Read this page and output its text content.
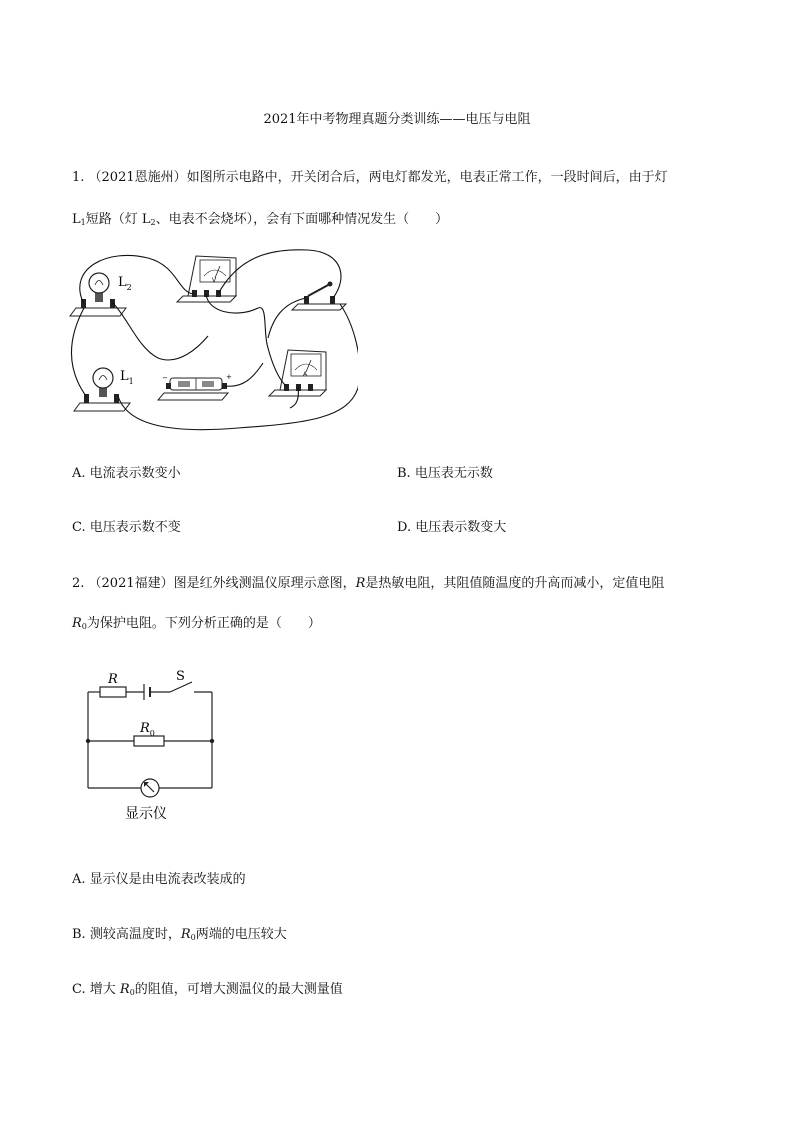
2021年中考物理真题分类训练——电压与电阻
1. （2021恩施州）如图所示电路中，开关闭合后，两电灯都发光，电表正常工作，一段时间后，由于灯
$L_1$短路（灯 $L_2$、电表不会烧坏），会有下面哪种情况发生（　　）
$L_2$
$L_1$
V
−	+	A
A. 电流表示数变小	B. 电压表无示数
C. 电压表示数不变	D. 电压表示数变大
2. （2021福建）图是红外线测温仪原理示意图，R是热敏电阻，其阻值随温度的升高而减小，定值电阻
$R_0$为保护电阻。下列分析正确的是（　　）
R	S
$R_0$
显示仪
A. 显示仪是由电流表改装成的
B. 测较高温度时，$R_0$两端的电压较大
C. 增大 $R_0$的阻值，可增大测温仪的最大测量值
